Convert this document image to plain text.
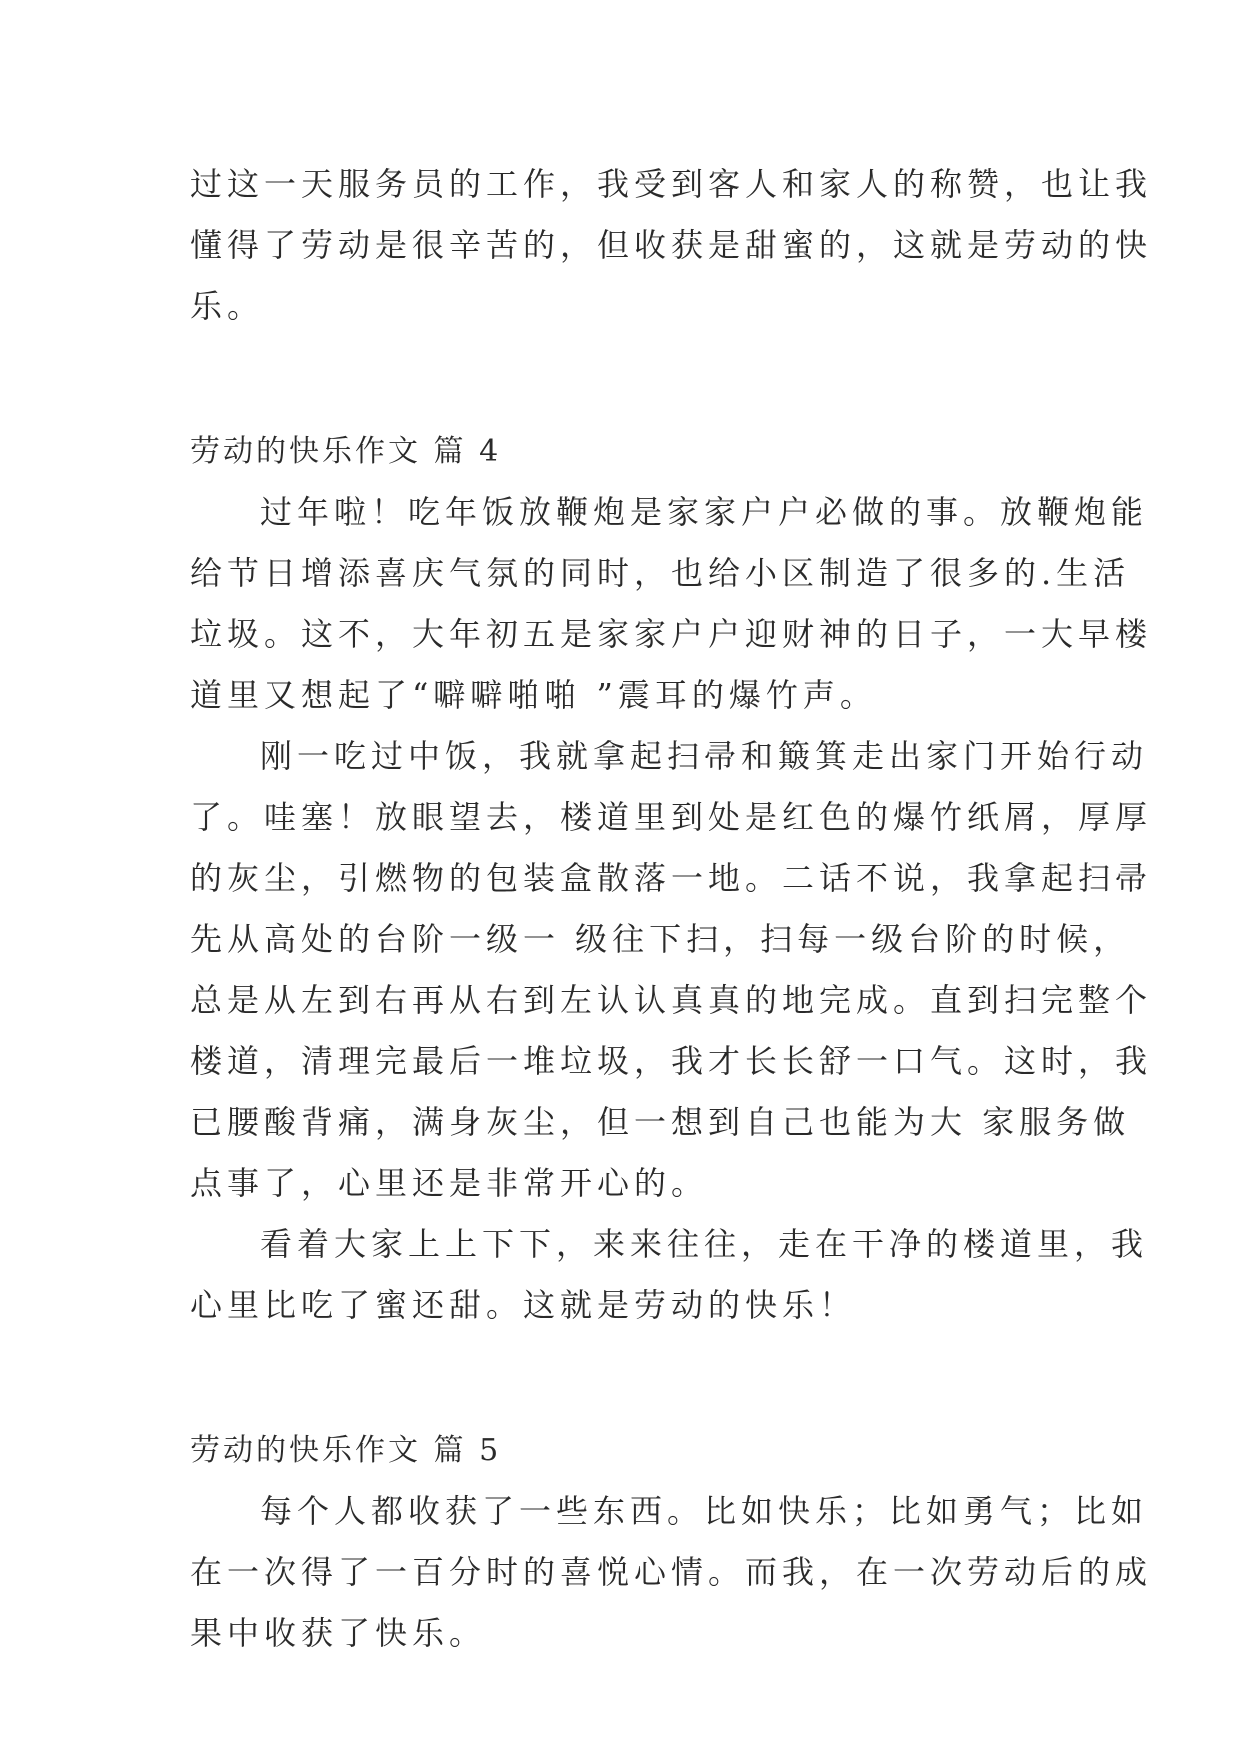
过这一天服务员的工作，我受到客人和家人的称赞，也让我
懂得了劳动是很辛苦的，但收获是甜蜜的，这就是劳动的快
乐。
劳动的快乐作文 篇 4
过年啦！吃年饭放鞭炮是家家户户必做的事。放鞭炮能
给节日增添喜庆气氛的同时，也给小区制造了很多的.生活
垃圾。这不，大年初五是家家户户迎财神的日子，一大早楼
道里又想起了“噼噼啪啪 ”震耳的爆竹声。
刚一吃过中饭，我就拿起扫帚和簸箕走出家门开始行动
了。哇塞！放眼望去，楼道里到处是红色的爆竹纸屑，厚厚
的灰尘，引燃物的包装盒散落一地。二话不说，我拿起扫帚
先从高处的台阶一级一 级往下扫，扫每一级台阶的时候，
总是从左到右再从右到左认认真真的地完成。直到扫完整个
楼道，清理完最后一堆垃圾，我才长长舒一口气。这时，我
已腰酸背痛，满身灰尘，但一想到自己也能为大 家服务做
点事了，心里还是非常开心的。
看着大家上上下下，来来往往，走在干净的楼道里，我
心里比吃了蜜还甜。这就是劳动的快乐！
劳动的快乐作文 篇 5
每个人都收获了一些东西。比如快乐；比如勇气；比如
在一次得了一百分时的喜悦心情。而我，在一次劳动后的成
果中收获了快乐。
